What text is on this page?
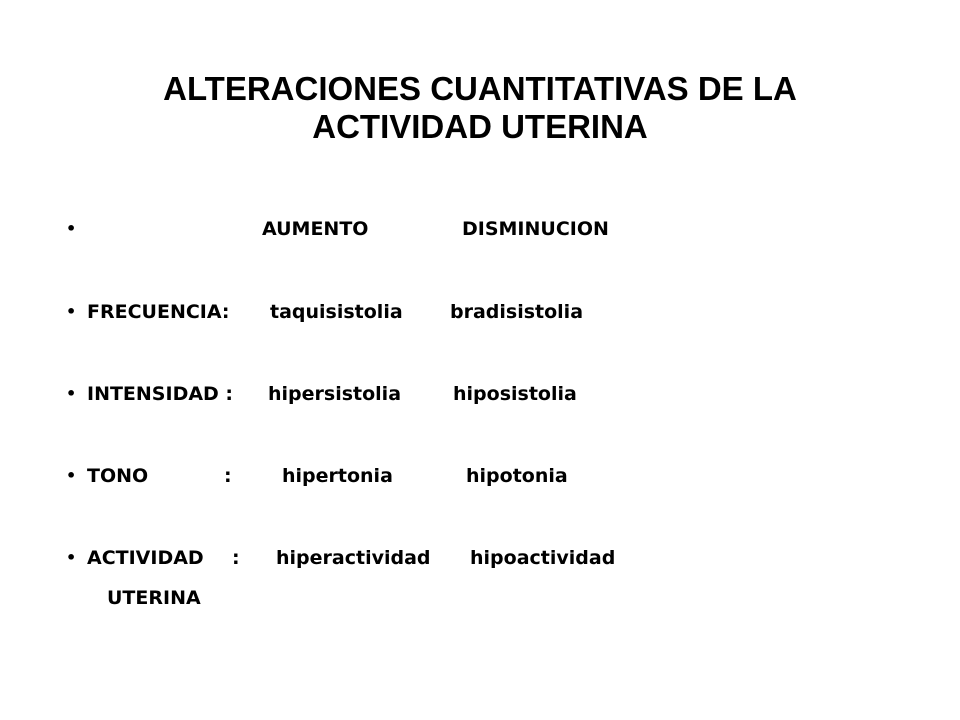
ALTERACIONES CUANTITATIVAS DE LA
ACTIVIDAD UTERINA
•	AUMENTO	DISMINUCION
• FRECUENCIA: taquisistolia bradisistolia
• INTENSIDAD : hipersistolia	hiposistolia
• TONO	:	hipertonia	hipotonia
• ACTIVIDAD : hiperactividad hipoactividad
UTERINA
